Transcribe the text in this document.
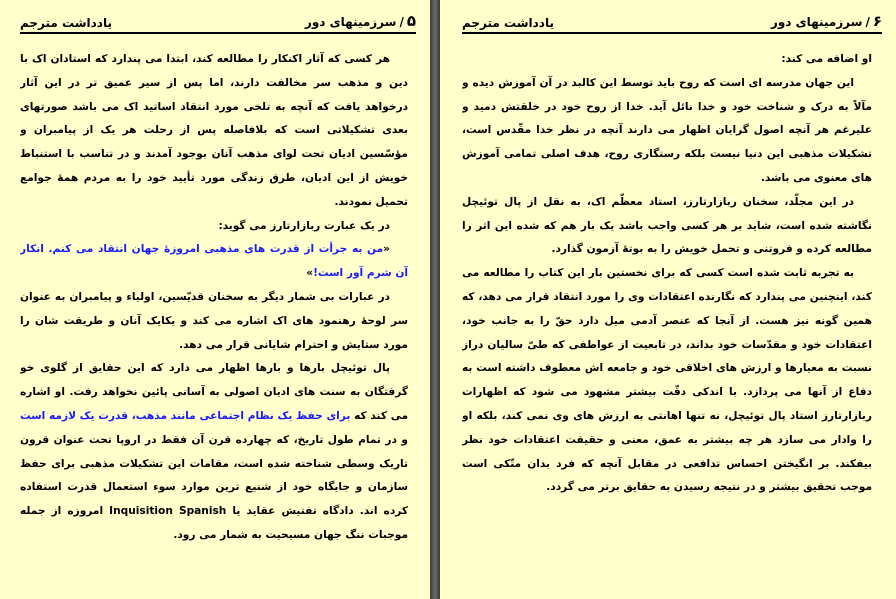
۵/سرزمینهای دور
یادداشت مترجم

هر کسی که آثار اکنکار را مطالعه کند، ابتدا می پندارد که استادان اک با دین و مذهب سر مخالفت دارند، اما پس از سیر عمیق تر در این آثار درخواهد یافت که آنچه به تلخی مورد انتقاد اساتید اک می باشد صورتهای بعدی تشکیلاتی است که بلافاصله پس از رحلت هر یک از پیامبران و مؤسّسین ادیان تحت لوای مذهب آنان بوجود آمدند و در تناسب با استنباط خویش از این ادیان، طرق زندگی مورد تأیید خود را به مردم همهٔ جوامع تحمیل نمودند.

در یک عبارت ربازارتارز می گوید:

«من به جرأت از قدرت های مذهبی امروزهٔ جهان انتقاد می کنم. انکار آن شرم آور است!»

در عبارات بی شمار دیگر به سخنان قدیّسین، اولیاء و پیامبران به عنوان سر لوحهٔ رهنمود های اک اشاره می کند و یکایک آنان و طریقت شان را مورد ستایش و احترام شایانی قرار می دهد.

پال توئیچل بارها و بارها اظهار می دارد که این حقایق از گلوی خو گرفتگان به سنت های ادیان اصولی به آسانی پائین نخواهد رفت. او اشاره می کند که برای حفظ یک نظام اجتماعی مانند مذهب، قدرت یک لازمه است و در تمام طول تاریخ، که چهارده قرن آن فقط در اروپا تحت عنوان قرون تاریک وسطی شناخته شده است، مقامات این تشکیلات مذهبی برای حفظ سازمان و جایگاه خود از شنیع ترین موارد سوء استعمال قدرت استفاده کرده اند. دادگاه تفتیش عقاید یا Inquisition Spanish امروزه از جمله موجبات ننگ جهان مسیحیت به شمار می رود.

۶/سرزمینهای دور
یادداشت مترجم

او اضافه می کند:

این جهان مدرسه ای است که روح باید توسط این کالبد در آن آموزش دیده و مآلاً به درک و شناخت خود و خدا نائل آید. خدا از روح خود در خلقتش دمید و علیرغم هر آنچه اصول گرایان اظهار می دارند آنچه در نظر خدا مقّدس است، تشکیلات مذهبی این دنیا نیست بلکه رستگاری روح، هدف اصلی تمامی آموزش های معنوی می باشد.

در این مجلّد، سخنان ربازارتارز، استاد معظّم اک، به نقل از پال توئیچل نگاشته شده است، شاید بر هر کسی واجب باشد یک بار هم که شده این اثر را مطالعه کرده و فروتنی و تحمل خویش را به بوتهٔ آزمون گذارد.

به تجربه ثابت شده است کسی که برای نخستین بار این کتاب را مطالعه می کند، اینچنین می پندارد که نگارنده اعتقادات وی را مورد انتقاد قرار می دهد، که همین گونه نیز هست. از آنجا که عنصر آدمی میل دارد حقّ را به جانب خود، اعتقادات خود و مقدّسات خود بداند، در تابعیت از عواطفی که طیّ سالیان دراز نسبت به معیارها و ارزش های اخلاقی خود و جامعه اش معطوف داشته است به دفاع از آنها می پردازد. با اندکی دقّت بیشتر مشهود می شود که اظهارات ربازارتارز استاد پال توئیچل، نه تنها اهانتی به ارزش های وی نمی کند، بلکه او را وادار می سازد هر چه بیشتر به عمق، معنی و حقیقت اعتقادات خود نظر بیفکند. بر انگیختن احساس تدافعی در مقابل آنچه که فرد بدان متّکی است موجب تحقیق بیشتر و در نتیجه رسیدن به حقایق برتر می گردد.
